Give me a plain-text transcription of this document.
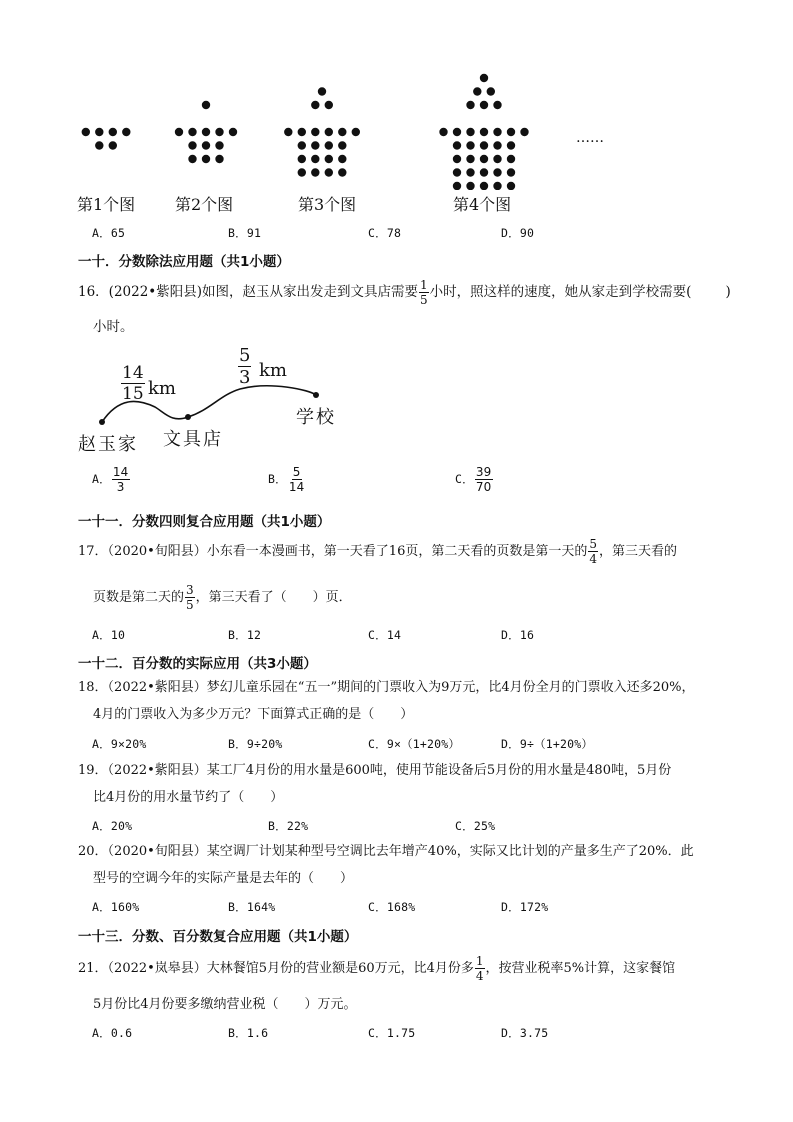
……
第1个图 第2个图	第3个图	第4个图
A．65	B．91	C．78	D．90
一十．分数除法应用题（共1小题）
16．(2022•紫阳县)如图，赵玉从家出发走到文具店需要 $\frac{1}{5}$ 小时，照这样的速度，她从家走到学校需要(	)
小时。
14
15 km
5
3 km
赵玉家 文具店
学校
A． $\frac{14}{3}$	B． $\frac{5}{14}$	C． $\frac{39}{70}$
一十一．分数四则复合应用题（共1小题）
17．（2020•旬阳县）小东看一本漫画书，第一天看了16页，第二天看的页数是第一天的 $\frac{5}{4}$ ，第三天看的
页数是第二天的 $\frac{3}{5}$ ，第三天看了（　　）页．
A．10	B．12	C．14	D．16
一十二．百分数的实际应用（共3小题）
18．（2022•紫阳县）梦幻儿童乐园在“五一”期间的门票收入为9万元，比4月份全月的门票收入还多20%，
4月的门票收入为多少万元？下面算式正确的是（　　）
A．9×20%	B．9÷20%	C．9×（1+20%）	D．9÷（1+20%）
19．（2022•紫阳县）某工厂4月份的用水量是600吨，使用节能设备后5月份的用水量是480吨，5月份
比4月份的用水量节约了（　　）
A．20%	B．22%	C．25%
20．（2020•旬阳县）某空调厂计划某种型号空调比去年增产40%，实际又比计划的产量多生产了20%．此
型号的空调今年的实际产量是去年的（　　）
A．160%	B．164%	C．168%	D．172%
一十三．分数、百分数复合应用题（共1小题）
21．（2022•岚皋县）大林餐馆5月份的营业额是60万元，比4月份多 $\frac{1}{4}$ ，按营业税率5%计算，这家餐馆
5月份比4月份要多缴纳营业税（　　）万元。
A．0.6	B．1.6	C．1.75	D．3.75
